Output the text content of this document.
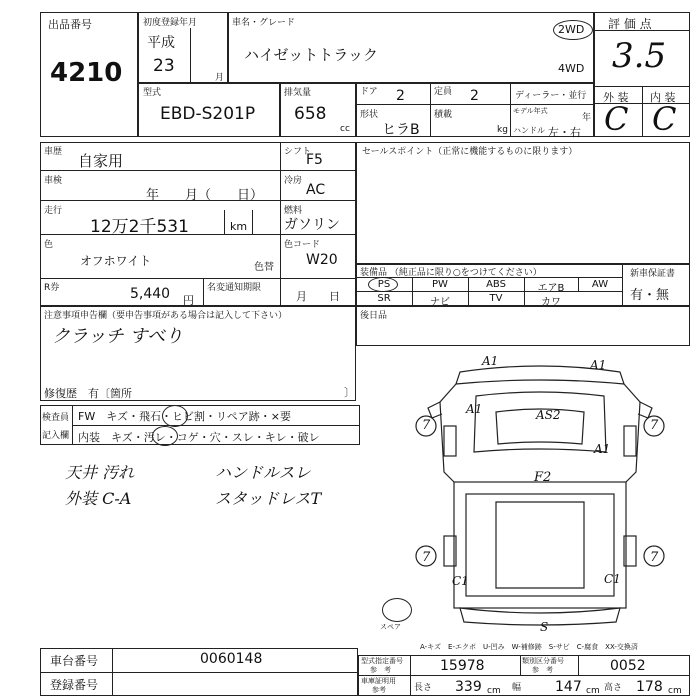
出品番号
4210
初度登録年月
平成
23
月
車名・グレード
ハイゼットトラック
2WD
4WD
評 価 点
3.5
外 装 内 装
C C
型式
EBD-S201P
排気量
658
cc
ドア 2	定員 2	ディーラー・並行
形状
ヒラB
積載
kg
モデル年式
年
ハンドル 左・右
車歴 自家用
車検
年　　月（　　日）
走行
12万2千531	km
色
オフホワイト	色替
R券	5,440 円
名変通知期限
月　　日
シフト
F5
冷房
AC
燃料
ガソリン
色コード
W20
セールスポイント（正常に機能するものに限ります）
装備品 （純正品に限り○をつけてください）
PS	PW	ABS	エアB	AW
SR	ナビ	TV	カワ
新車保証書
有・無
後日品
注意事項申告欄（要申告事項がある場合は記入して下さい）
クラッチ すべり
修復歴　有〔箇所	〕
検査員
記入欄
FW　キズ・飛石・ヒビ割・リペア跡・×要
内装　キズ・汚レ・コゲ・穴・スレ・キレ・破レ
天井 汚れ
外装 C-A
ハンドルスレ
スタッドレスT
A1	A1
AS2
A1
A1
7	7
F2
C1	C1
7	7
S
スペア
A-キズ　E-エクボ　U-凹み　W-補修跡　S-サビ　C-腐食　XX-交換済
車台番号	0060148
登録番号
型式指定番号
参　考	15978	類別区分番号
参　考	0052
車庫証明用
参考	長さ 339 cm 幅 147 cm 高さ 178 cm
